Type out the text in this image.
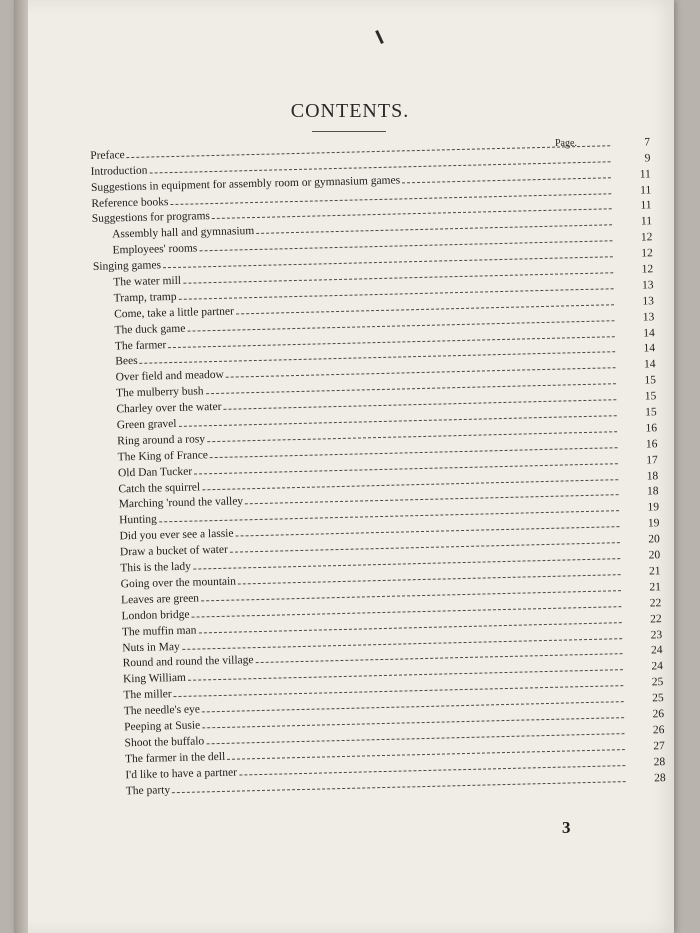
CONTENTS.
Page.
Preface
7
Introduction
9
Suggestions in equipment for assembly room or gymnasium games	11
Reference books
11
Suggestions for programs
11
Assembly hall and gymnasium
11
Employees' rooms
12
Singing games
12
The water mill
12
Tramp, tramp
13
Come, take a little partner
13
The duck game
13
The farmer
14
Bees
14
Over field and meadow
14
The mulberry bush
15
Charley over the water
15
Green gravel
15
Ring around a rosy
16
The King of France
16
Old Dan Tucker
17
Catch the squirrel
18
Marching 'round the valley
18
Hunting
19
Did you ever see a lassie
19
Draw a bucket of water
20
This is the lady
20
Going over the mountain
21
Leaves are green
21
London bridge
22
The muffin man
22
Nuts in May
23
Round and round the village
24
King William
24
The miller
25
The needle's eye
25
Peeping at Susie
26
Shoot the buffalo
26
The farmer in the dell
27
I'd like to have a partner
28
The party
28
3
